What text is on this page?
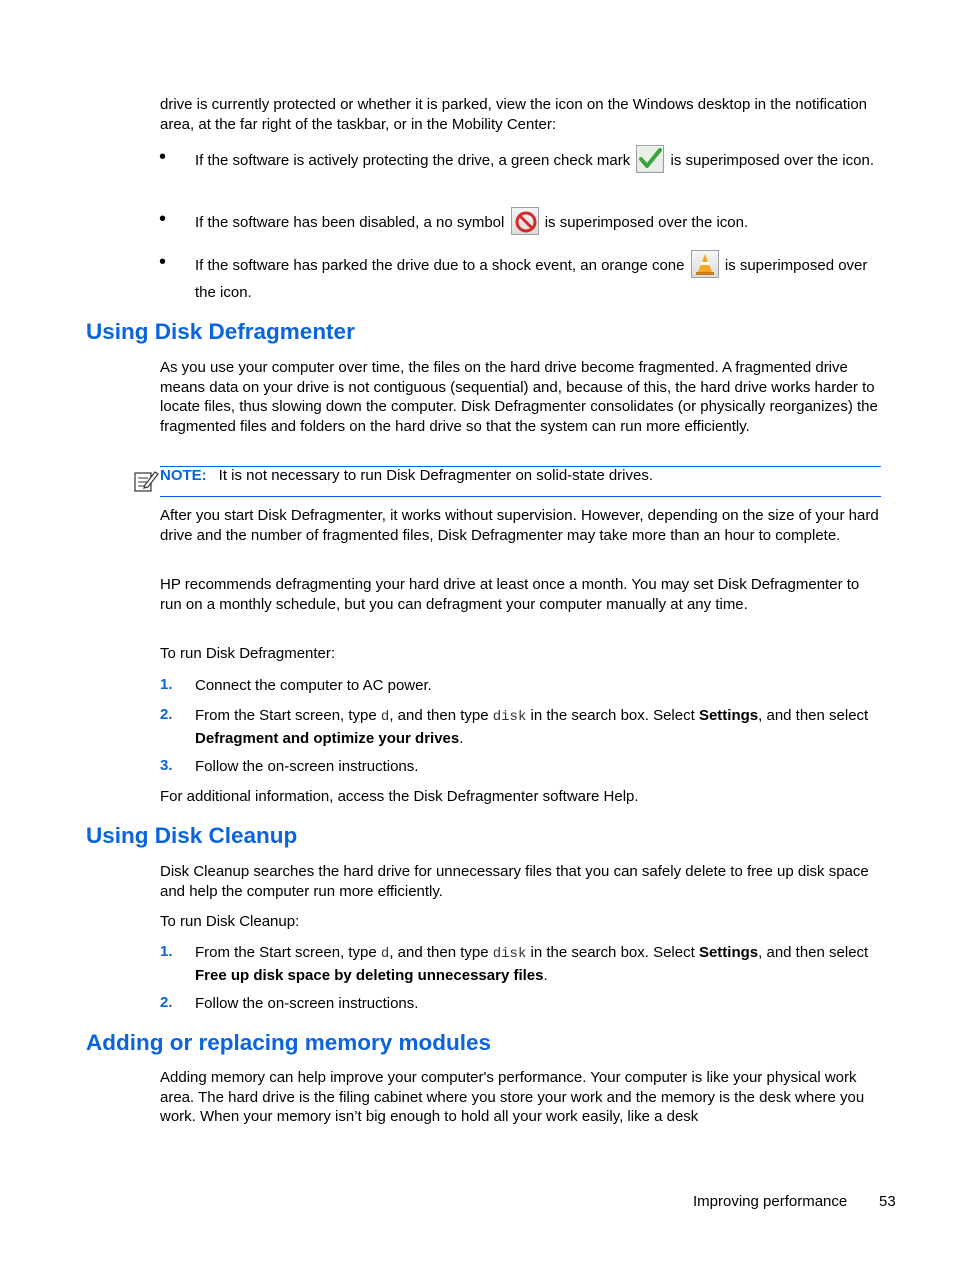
drive is currently protected or whether it is parked, view the icon on the Windows desktop in the notification area, at the far right of the taskbar, or in the Mobility Center:

• If the software is actively protecting the drive, a green check mark	is superimposed over the icon.
• If the software has been disabled, a no symbol	is superimposed over the icon.
• If the software has parked the drive due to a shock event, an orange cone	is superimposed over the icon.
Using Disk Defragmenter

As you use your computer over time, the files on the hard drive become fragmented. A fragmented drive means data on your drive is not contiguous (sequential) and, because of this, the hard drive works harder to locate files, thus slowing down the computer. Disk Defragmenter consolidates (or physically reorganizes) the fragmented files and folders on the hard drive so that the system can run more efficiently.

NOTE: It is not necessary to run Disk Defragmenter on solid-state drives.

After you start Disk Defragmenter, it works without supervision. However, depending on the size of your hard drive and the number of fragmented files, Disk Defragmenter may take more than an hour to complete.

HP recommends defragmenting your hard drive at least once a month. You may set Disk Defragmenter to run on a monthly schedule, but you can defragment your computer manually at any time.

To run Disk Defragmenter:

1. Connect the computer to AC power.
2. From the Start screen, type d, and then type disk in the search box. Select Settings, and then select Defragment and optimize your drives.
3. Follow the on-screen instructions.

For additional information, access the Disk Defragmenter software Help.

Using Disk Cleanup

Disk Cleanup searches the hard drive for unnecessary files that you can safely delete to free up disk space and help the computer run more efficiently.

To run Disk Cleanup:

1. From the Start screen, type d, and then type disk in the search box. Select Settings, and then select Free up disk space by deleting unnecessary files.
2. Follow the on-screen instructions.
Adding or replacing memory modules

Adding memory can help improve your computer's performance. Your computer is like your physical work area. The hard drive is the filing cabinet where you store your work and the memory is the desk where you work. When your memory isn’t big enough to hold all your work easily, like a desk

Improving performance 53
